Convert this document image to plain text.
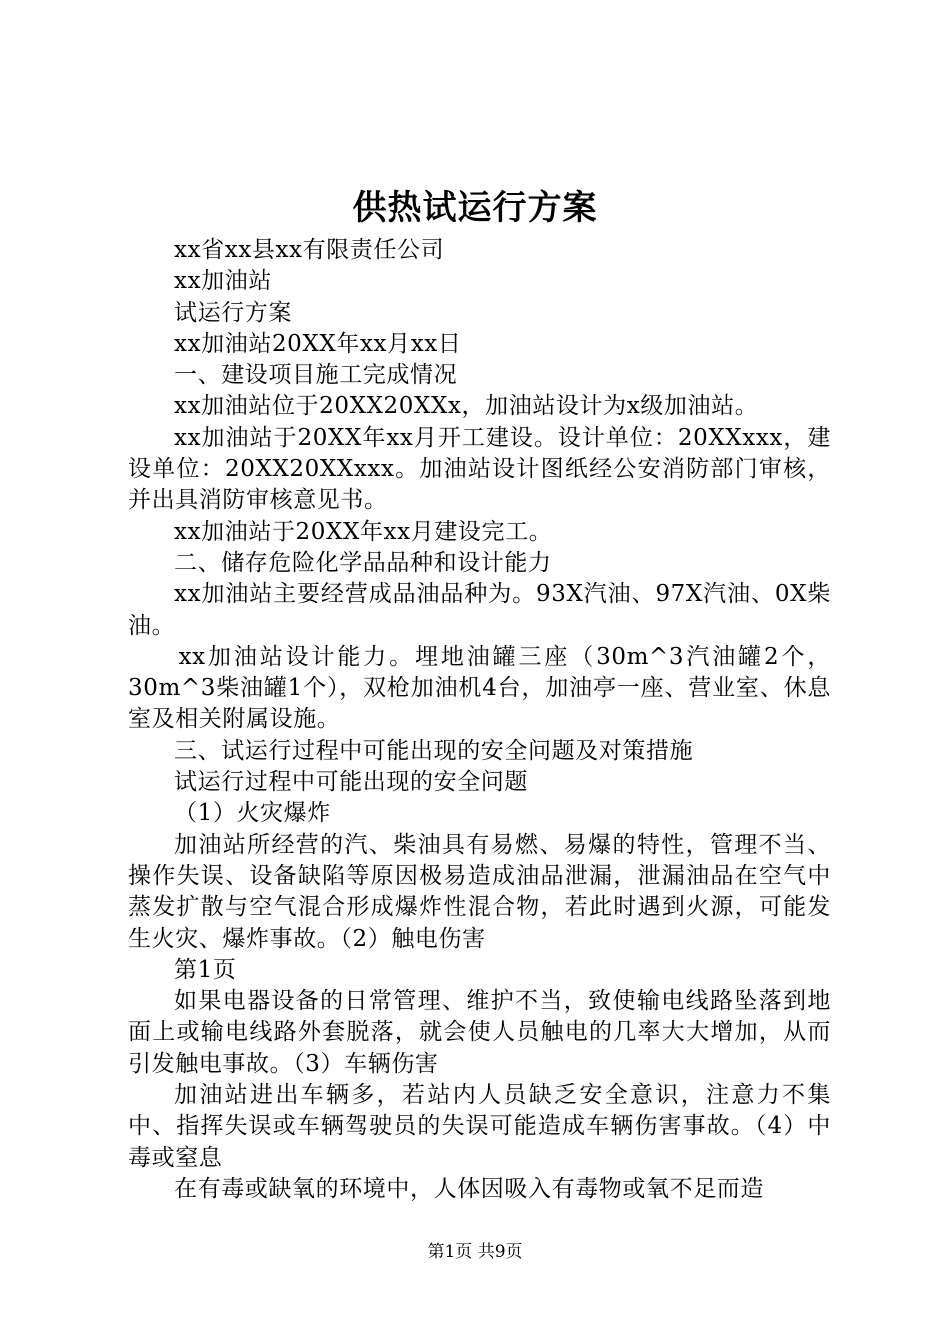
供热试运行方案

xx省xx县xx有限责任公司

xx加油站

试运行方案

xx加油站20XX年xx月xx日

一、建设项目施工完成情况

xx加油站位于20XX20XXx，加油站设计为x级加油站。

xx加油站于20XX年xx月开工建设。设计单位：20XXxxx，建设单位：20XX20XXxxx。加油站设计图纸经公安消防部门审核，并出具消防审核意见书。

xx加油站于20XX年xx月建设完工。

二、储存危险化学品品种和设计能力

xx加油站主要经营成品油品种为。93X汽油、97X汽油、0X柴油。

xx加油站设计能力。埋地油罐三座（30m^3汽油罐2个，30m^3柴油罐1个），双枪加油机4台，加油亭一座、营业室、休息室及相关附属设施。

三、试运行过程中可能出现的安全问题及对策措施

试运行过程中可能出现的安全问题

（1）火灾爆炸

加油站所经营的汽、柴油具有易燃、易爆的特性，管理不当、操作失误、设备缺陷等原因极易造成油品泄漏，泄漏油品在空气中蒸发扩散与空气混合形成爆炸性混合物，若此时遇到火源，可能发生火灾、爆炸事故。（2）触电伤害

第1页

如果电器设备的日常管理、维护不当，致使输电线路坠落到地面上或输电线路外套脱落，就会使人员触电的几率大大增加，从而引发触电事故。（3）车辆伤害

加油站进出车辆多，若站内人员缺乏安全意识，注意力不集中、指挥失误或车辆驾驶员的失误可能造成车辆伤害事故。（4）中毒或窒息

在有毒或缺氧的环境中，人体因吸入有毒物或氧不足而造

第1页 共9页
